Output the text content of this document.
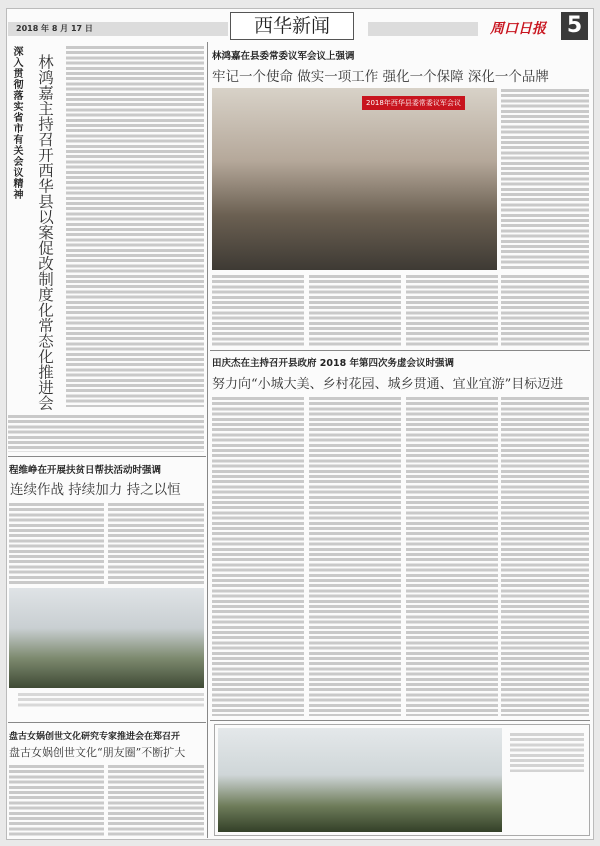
2018 年 8 月 17 日	西华新闻	周口日报 5
深入贯彻落实省市有关会议精神 林鸿嘉主持召开西华县以案促改制度化常态化推进会
程维峥在开展扶贫日帮扶活动时强调
连续作战 持续加力 持之以恒
盘古女娲创世文化研究专家推进会在郑召开
盘古女娲创世文化“朋友圈”不断扩大
林鸿嘉在县委常委议军会议上强调
牢记一个使命 做实一项工作 强化一个保障 深化一个品牌
2018年西华县委常委议军会议
田庆杰在主持召开县政府 2018 年第四次务虚会议时强调
努力向“小城大美、乡村花园、城乡贯通、宜业宜游”目标迈进
